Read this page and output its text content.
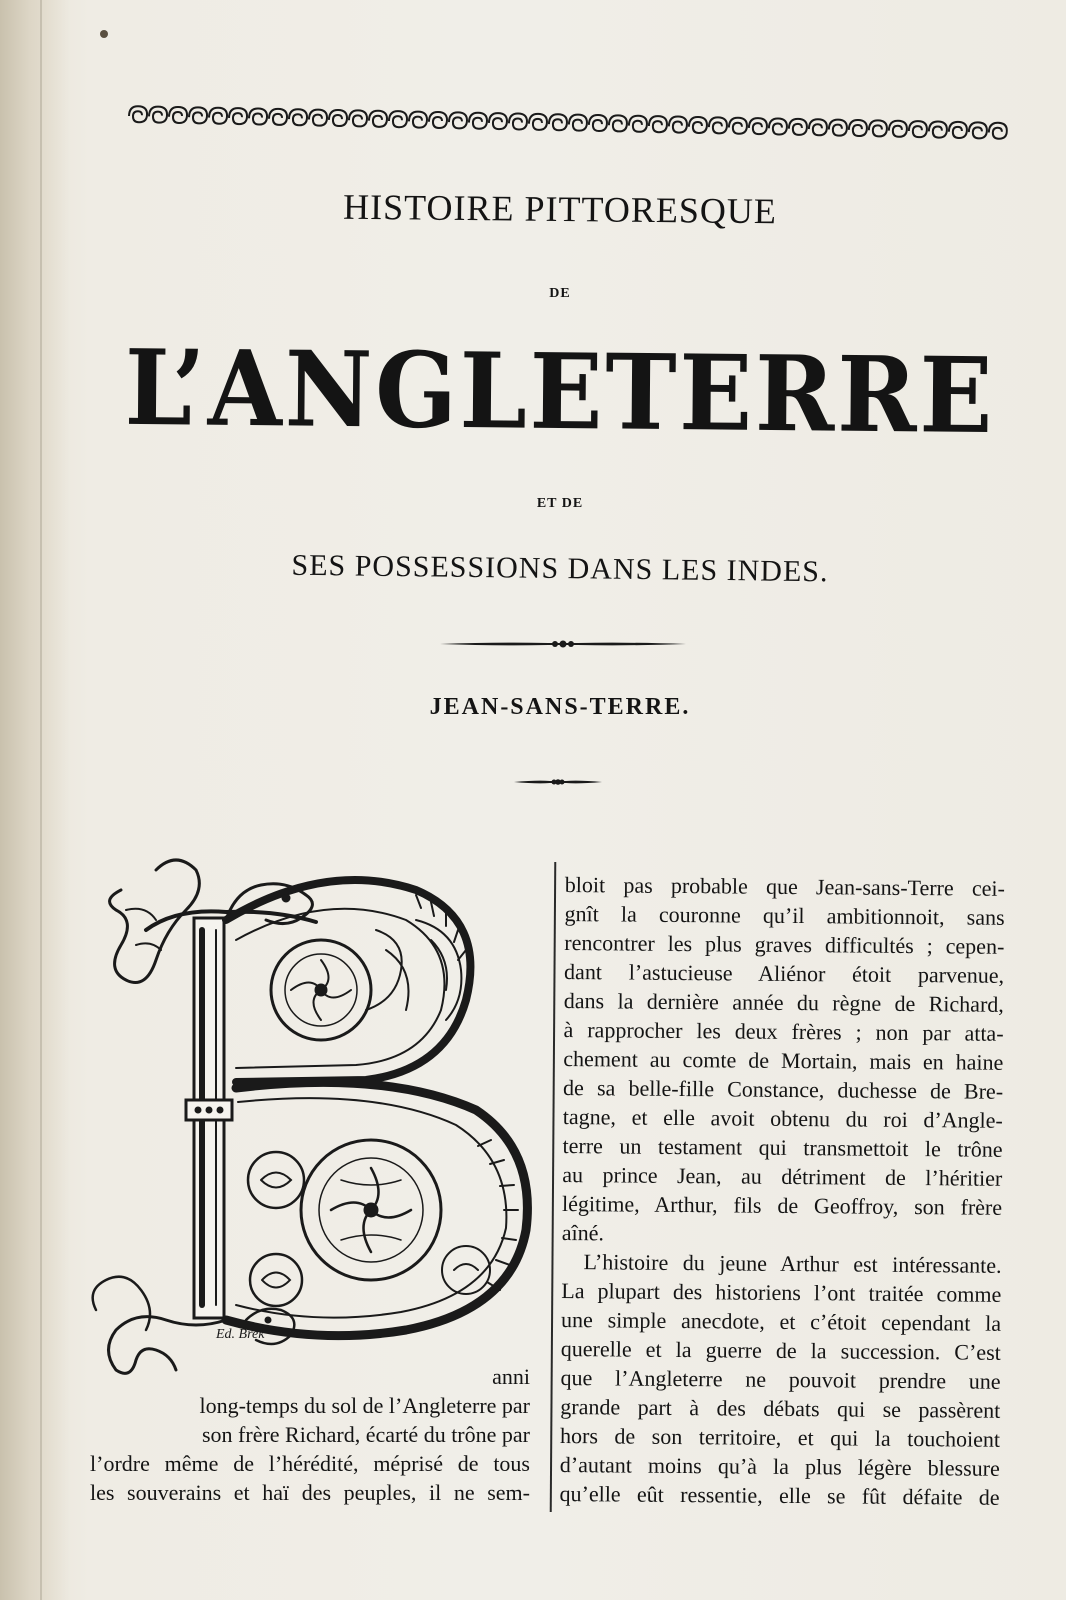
HISTOIRE PITTORESQUE
DE
L’ANGLETERRE
ET DE
SES POSSESSIONS DANS LES INDES.
JEAN-SANS-TERRE.
Ed. Brek
anni
long-temps du sol de l’Angleterre par
son frère Richard, écarté du trône par
l’ordre même de l’hérédité, méprisé de tous
les souverains et haï des peuples, il ne sem-
bloit pas probable que Jean-sans-Terre cei-
gnît la couronne qu’il ambitionnoit, sans
rencontrer les plus graves difficultés ; cepen-
dant l’astucieuse Aliénor étoit parvenue,
dans la dernière année du règne de Richard,
à rapprocher les deux frères ; non par atta-
chement au comte de Mortain, mais en haine
de sa belle-fille Constance, duchesse de Bre-
tagne, et elle avoit obtenu du roi d’Angle-
terre un testament qui transmettoit le trône
au prince Jean, au détriment de l’héritier
légitime, Arthur, fils de Geoffroy, son frère
aîné.
L’histoire du jeune Arthur est intéressante.
La plupart des historiens l’ont traitée comme
une simple anecdote, et c’étoit cependant la
querelle et la guerre de la succession. C’est
que l’Angleterre ne pouvoit prendre une
grande part à des débats qui se passèrent
hors de son territoire, et qui la touchoient
d’autant moins qu’à la plus légère blessure
qu’elle eût ressentie, elle se fût défaite de
